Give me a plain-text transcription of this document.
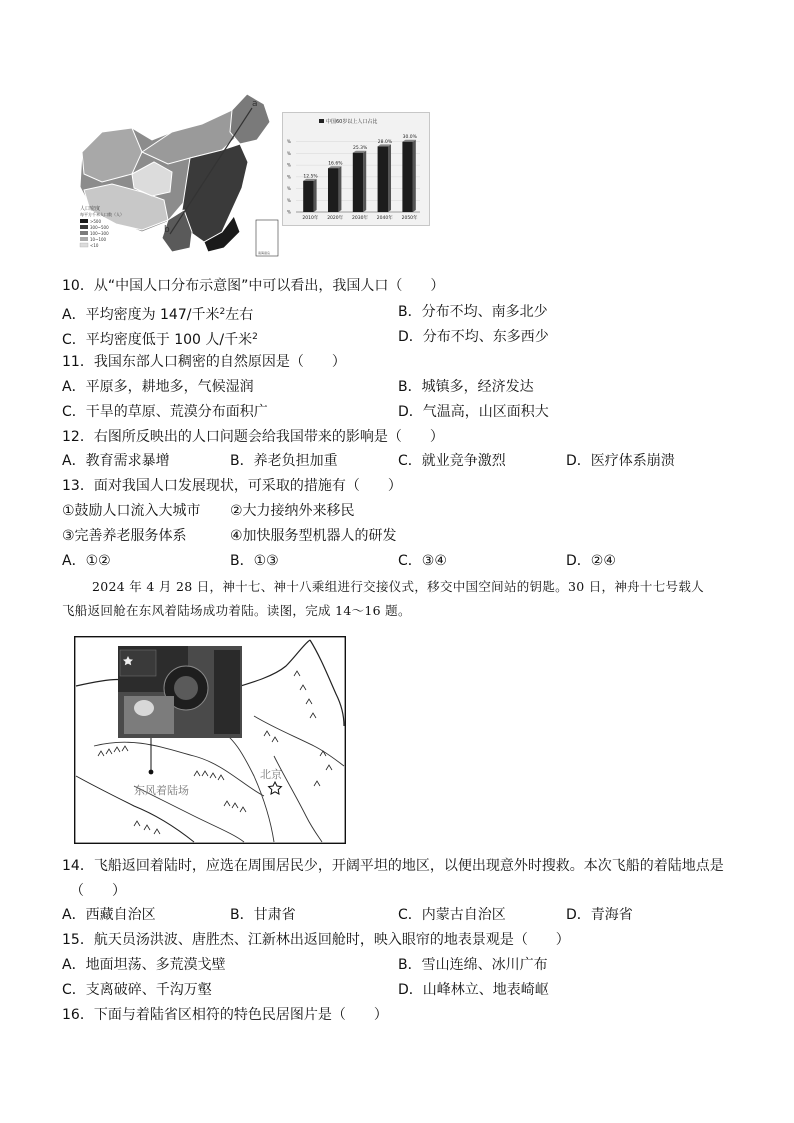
a
b
人口密度
每平方千米人口数（人）
>500
300~500
100~300
10~100
<10
南海诸岛
中国60岁以上人口占比
%
%
%
%
%
%
%
12.5%
2010年
16.6%
2020年
25.3%
2030年
28.0%
2040年
30.0%
2050年
10．从“中国人口分布示意图”中可以看出，我国人口（　　）
A．平均密度为 147/千米$^2$左右	B．分布不均、南多北少
C．平均密度低于 100 人/千米$^2$	D．分布不均、东多西少
11．我国东部人口稠密的自然原因是（　　）
A．平原多，耕地多，气候湿润	B．城镇多，经济发达
C．干旱的草原、荒漠分布面积广	D．气温高，山区面积大
12．右图所反映出的人口问题会给我国带来的影响是（　　）
A．教育需求暴增	B．养老负担加重	C．就业竞争激烈	D．医疗体系崩溃
13．面对我国人口发展现状，可采取的措施有（　　）
①鼓励人口流入大城市 ②大力接纳外来移民
③完善养老服务体系	④加快服务型机器人的研发
A．①②	B．①③	C．③④	D．②④
2024 年 4 月 28 日，神十七、神十八乘组进行交接仪式，移交中国空间站的钥匙。30 日，神舟十七号载人
飞船返回舱在东风着陆场成功着陆。读图，完成 14～16 题。
东风着陆场
北京
14．飞船返回着陆时，应选在周围居民少，开阔平坦的地区，以便出现意外时搜救。本次飞船的着陆地点是
（　　）
A．西藏自治区	B．甘肃省	C．内蒙古自治区	D．青海省
15．航天员汤洪波、唐胜杰、江新林出返回舱时，映入眼帘的地表景观是（　　）
A．地面坦荡、多荒漠戈壁	B．雪山连绵、冰川广布
C．支离破碎、千沟万壑	D．山峰林立、地表崎岖
16．下面与着陆省区相符的特色民居图片是（　　）
